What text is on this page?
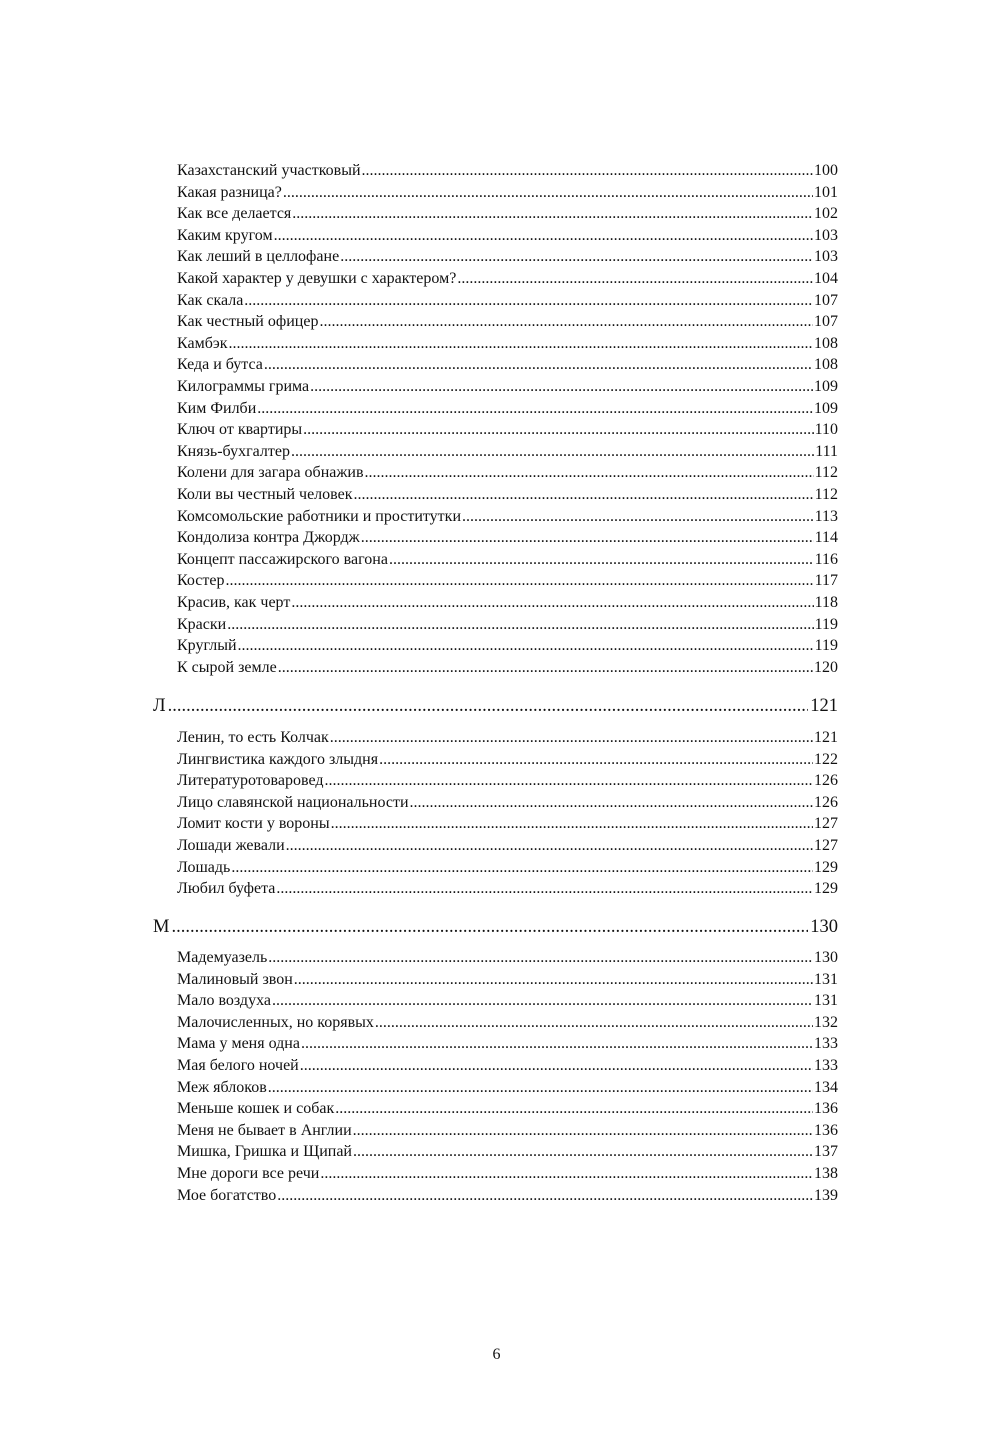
Казахстанский участковый .....	100
Какая разница? .....	101
Как все делается .....	102
Каким кругом .....	103
Как леший в целлофане .....	103
Какой характер у девушки с характером? .....	104
Как скала .....	107
Как честный офицер .....	107
Камбэк .....	108
Кеда и бутса .....	108
Килограммы грима .....	109
Ким Филби .....	109
Ключ от квартиры .....	110
Князь-бухгалтер .....	111
Колени для загара обнажив .....	112
Коли вы честный человек .....	112
Комсомольские работники и проститутки .....	113
Кондолиза контра Джордж .....	114
Концепт пассажирского вагона .....	116
Костер .....	117
Красив, как черт .....	118
Краски .....	119
Круглый .....	119
К сырой земле .....	120
Л .....	121
Ленин, то есть Колчак .....	121
Лингвистика каждого злыдня .....	122
Литературотоваровед .....	126
Лицо славянской национальности .....	126
Ломит кости у вороны .....	127
Лошади жевали .....	127
Лошадь .....	129
Любил буфета .....	129
М .....	130
Мадемуазель .....	130
Малиновый звон .....	131
Мало воздуха .....	131
Малочисленных, но корявых .....	132
Мама у меня одна .....	133
Мая белого ночей .....	133
Меж яблоков .....	134
Меньше кошек и собак .....	136
Меня не бывает в Англии .....	136
Мишка, Гришка и Щипай .....	137
Мне дороги все речи .....	138
Мое богатство .....	139
6
